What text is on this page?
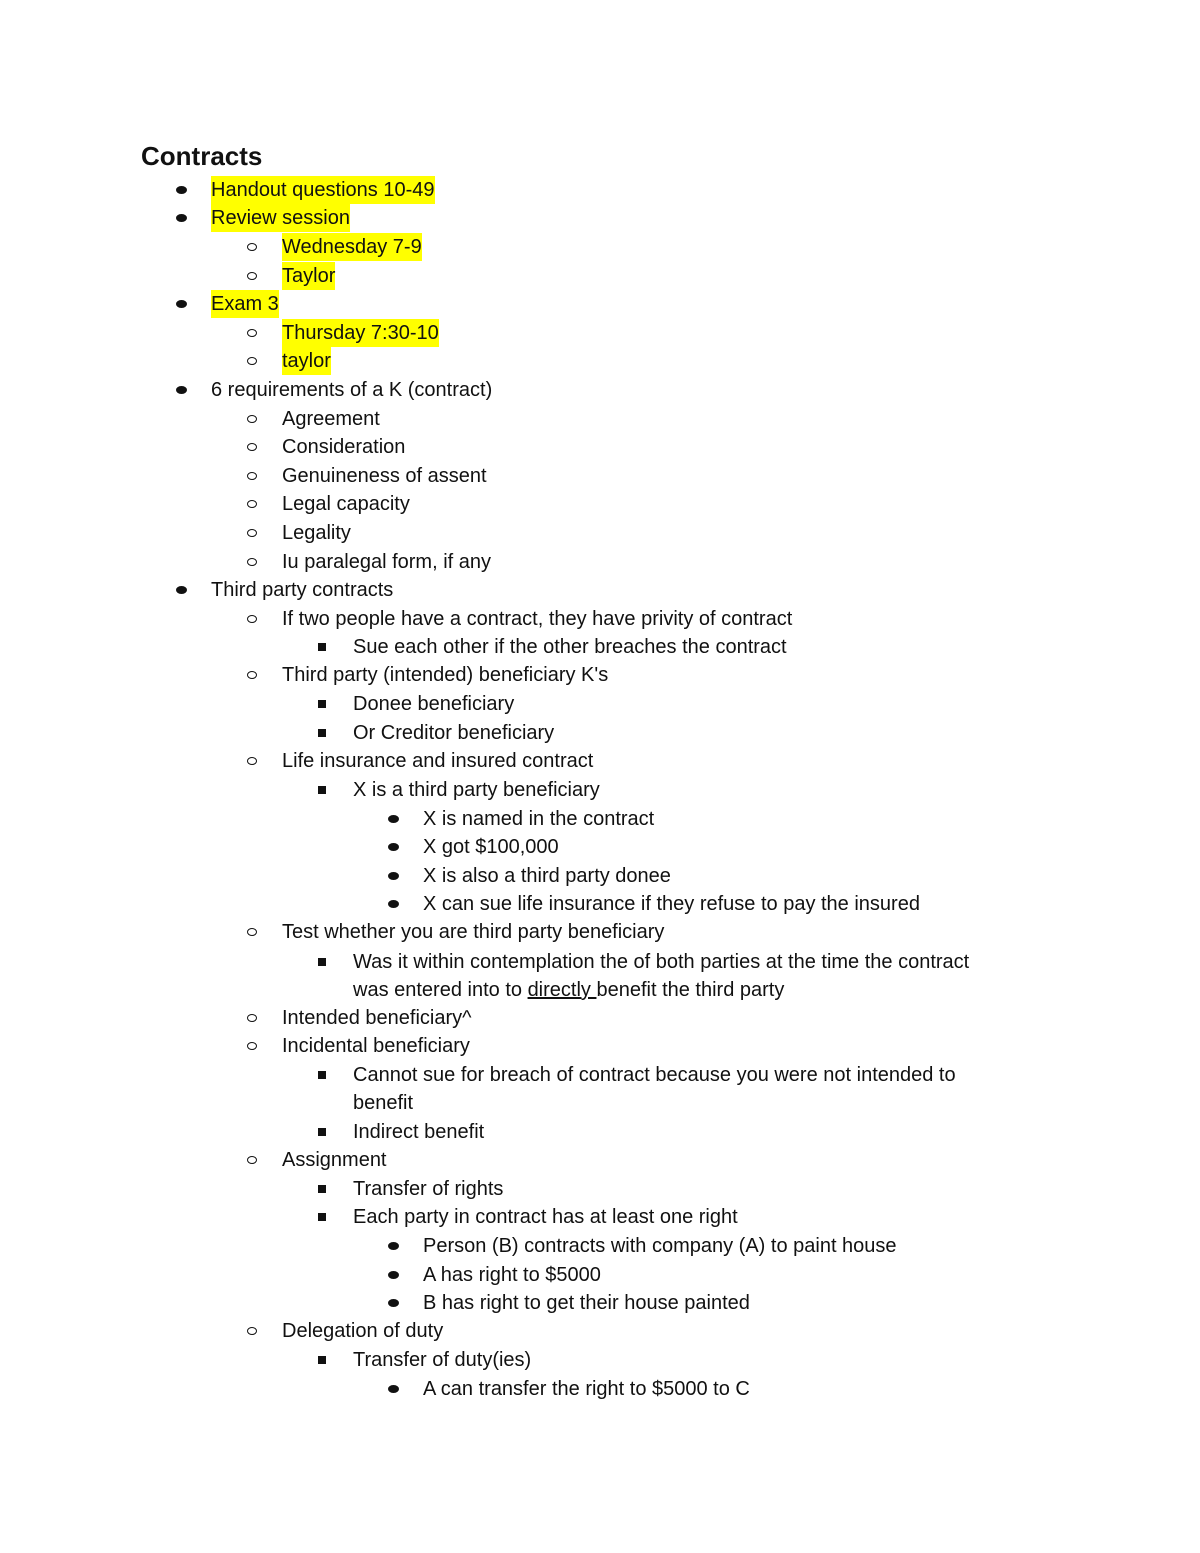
Contracts
Handout questions 10-49
Review session
Wednesday 7-9
Taylor
Exam 3
Thursday 7:30-10
taylor
6 requirements of a K (contract)
Agreement
Consideration
Genuineness of assent
Legal capacity
Legality
Iu paralegal form, if any
Third party contracts
If two people have a contract, they have privity of contract
Sue each other if the other breaches the contract
Third party (intended) beneficiary K's
Donee beneficiary
Or Creditor beneficiary
Life insurance and insured contract
X is a third party beneficiary
X is named in the contract
X got $100,000
X is also a third party donee
X can sue life insurance if they refuse to pay the insured
Test whether you are third party beneficiary
Was it within contemplation the of both parties at the time the contract
was entered into to directly benefit the third party
Intended beneficiary^
Incidental beneficiary
Cannot sue for breach of contract because you were not intended to
benefit
Indirect benefit
Assignment
Transfer of rights
Each party in contract has at least one right
Person (B) contracts with company (A) to paint house
A has right to $5000
B has right to get their house painted
Delegation of duty
Transfer of duty(ies)
A can transfer the right to $5000 to C
